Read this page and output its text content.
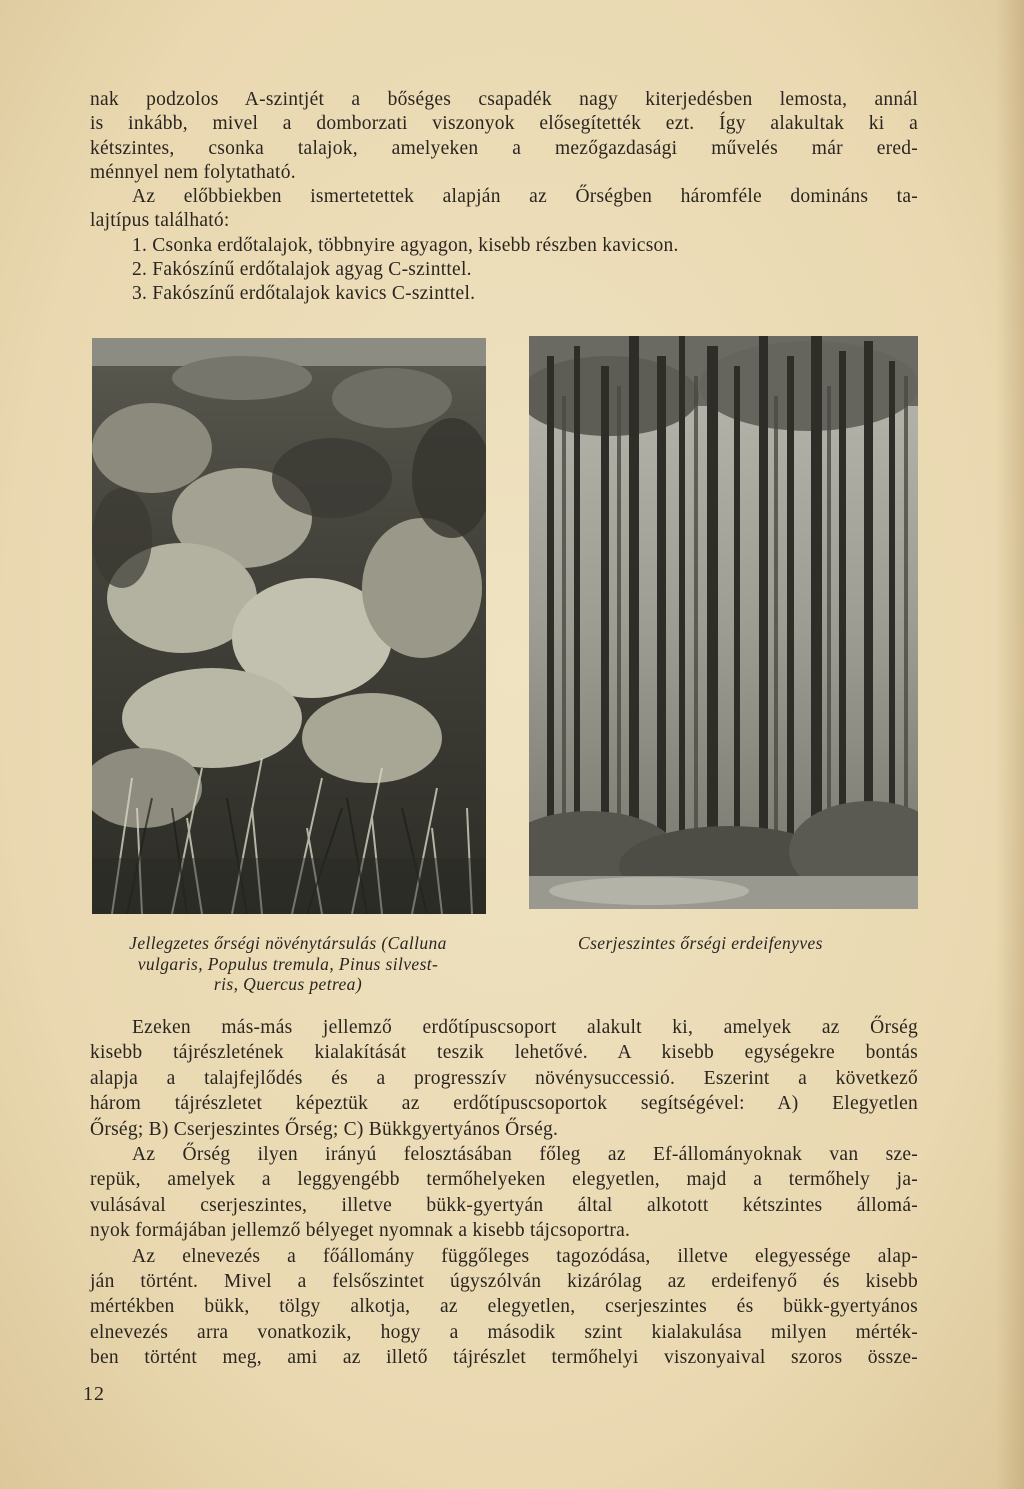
nak podzolos A-szintjét a bőséges csapadék nagy kiterjedésben lemosta, annál
is inkább, mivel a domborzati viszonyok elősegítették ezt. Így alakultak ki a
kétszintes, csonka talajok, amelyeken a mezőgazdasági művelés már ered-
ménnyel nem folytatható.

Az előbbiekben ismertetettek alapján az Őrségben háromféle domináns ta-
lajtípus található:

1. Csonka erdőtalajok, többnyire agyagon, kisebb részben kavicson.
2. Fakószínű erdőtalajok agyag C-szinttel.
3. Fakószínű erdőtalajok kavics C-szinttel.

Jellegzetes őrségi növénytársulás (Calluna
vulgaris, Populus tremula, Pinus silvest-
ris, Quercus petrea)
Cserjeszintes őrségi erdeifenyves

Ezeken más-más jellemző erdőtípuscsoport alakult ki, amelyek az Őrség
kisebb tájrészletének kialakítását teszik lehetővé. A kisebb egységekre bontás
alapja a talajfejlődés és a progresszív növénysuccessió. Eszerint a következő
három tájrészletet képeztük az erdőtípuscsoportok segítségével: A) Elegyetlen
Őrség; B) Cserjeszintes Őrség; C) Bükkgyertyános Őrség.

Az Őrség ilyen irányú felosztásában főleg az Ef-állományoknak van sze-
repük, amelyek a leggyengébb termőhelyeken elegyetlen, majd a termőhely ja-
vulásával cserjeszintes, illetve bükk-gyertyán által alkotott kétszintes állomá-
nyok formájában jellemző bélyeget nyomnak a kisebb tájcsoportra.

Az elnevezés a főállomány függőleges tagozódása, illetve elegyessége alap-
ján történt. Mivel a felsőszintet úgyszólván kizárólag az erdeifenyő és kisebb
mértékben bükk, tölgy alkotja, az elegyetlen, cserjeszintes és bükk-gyertyános
elnevezés arra vonatkozik, hogy a második szint kialakulása milyen mérték-
ben történt meg, ami az illető tájrészlet termőhelyi viszonyaival szoros össze-

12
